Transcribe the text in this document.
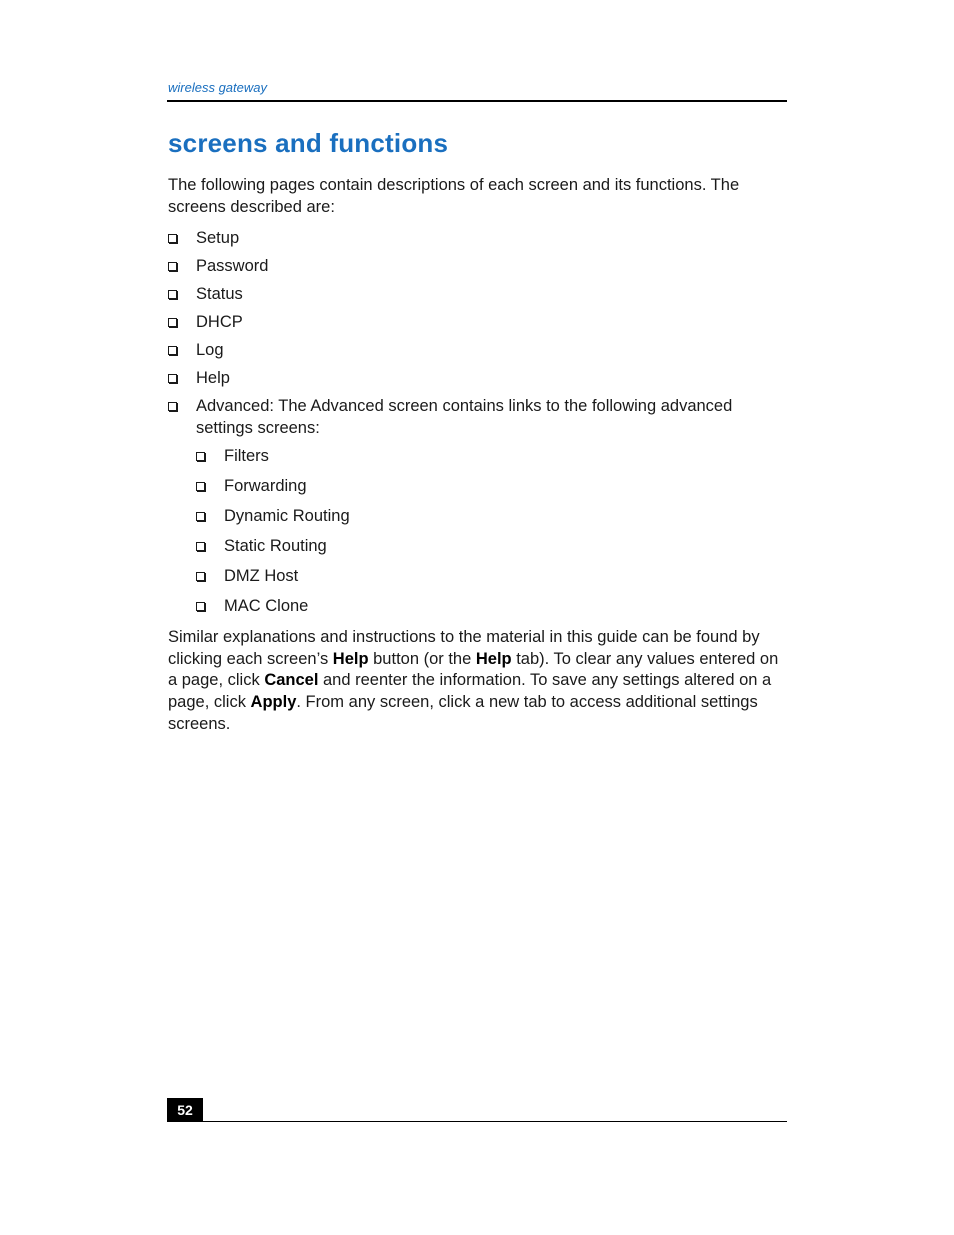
wireless gateway
screens and functions

The following pages contain descriptions of each screen and its functions. The screens described are:

Setup
Password
Status
DHCP
Log
Help
Advanced: The Advanced screen contains links to the following advanced settings screens:
Filters
Forwarding
Dynamic Routing
Static Routing
DMZ Host
MAC Clone

Similar explanations and instructions to the material in this guide can be found by clicking each screen’s Help button (or the Help tab). To clear any values entered on a page, click Cancel and reenter the information. To save any settings altered on a page, click Apply. From any screen, click a new tab to access additional settings screens.

52
